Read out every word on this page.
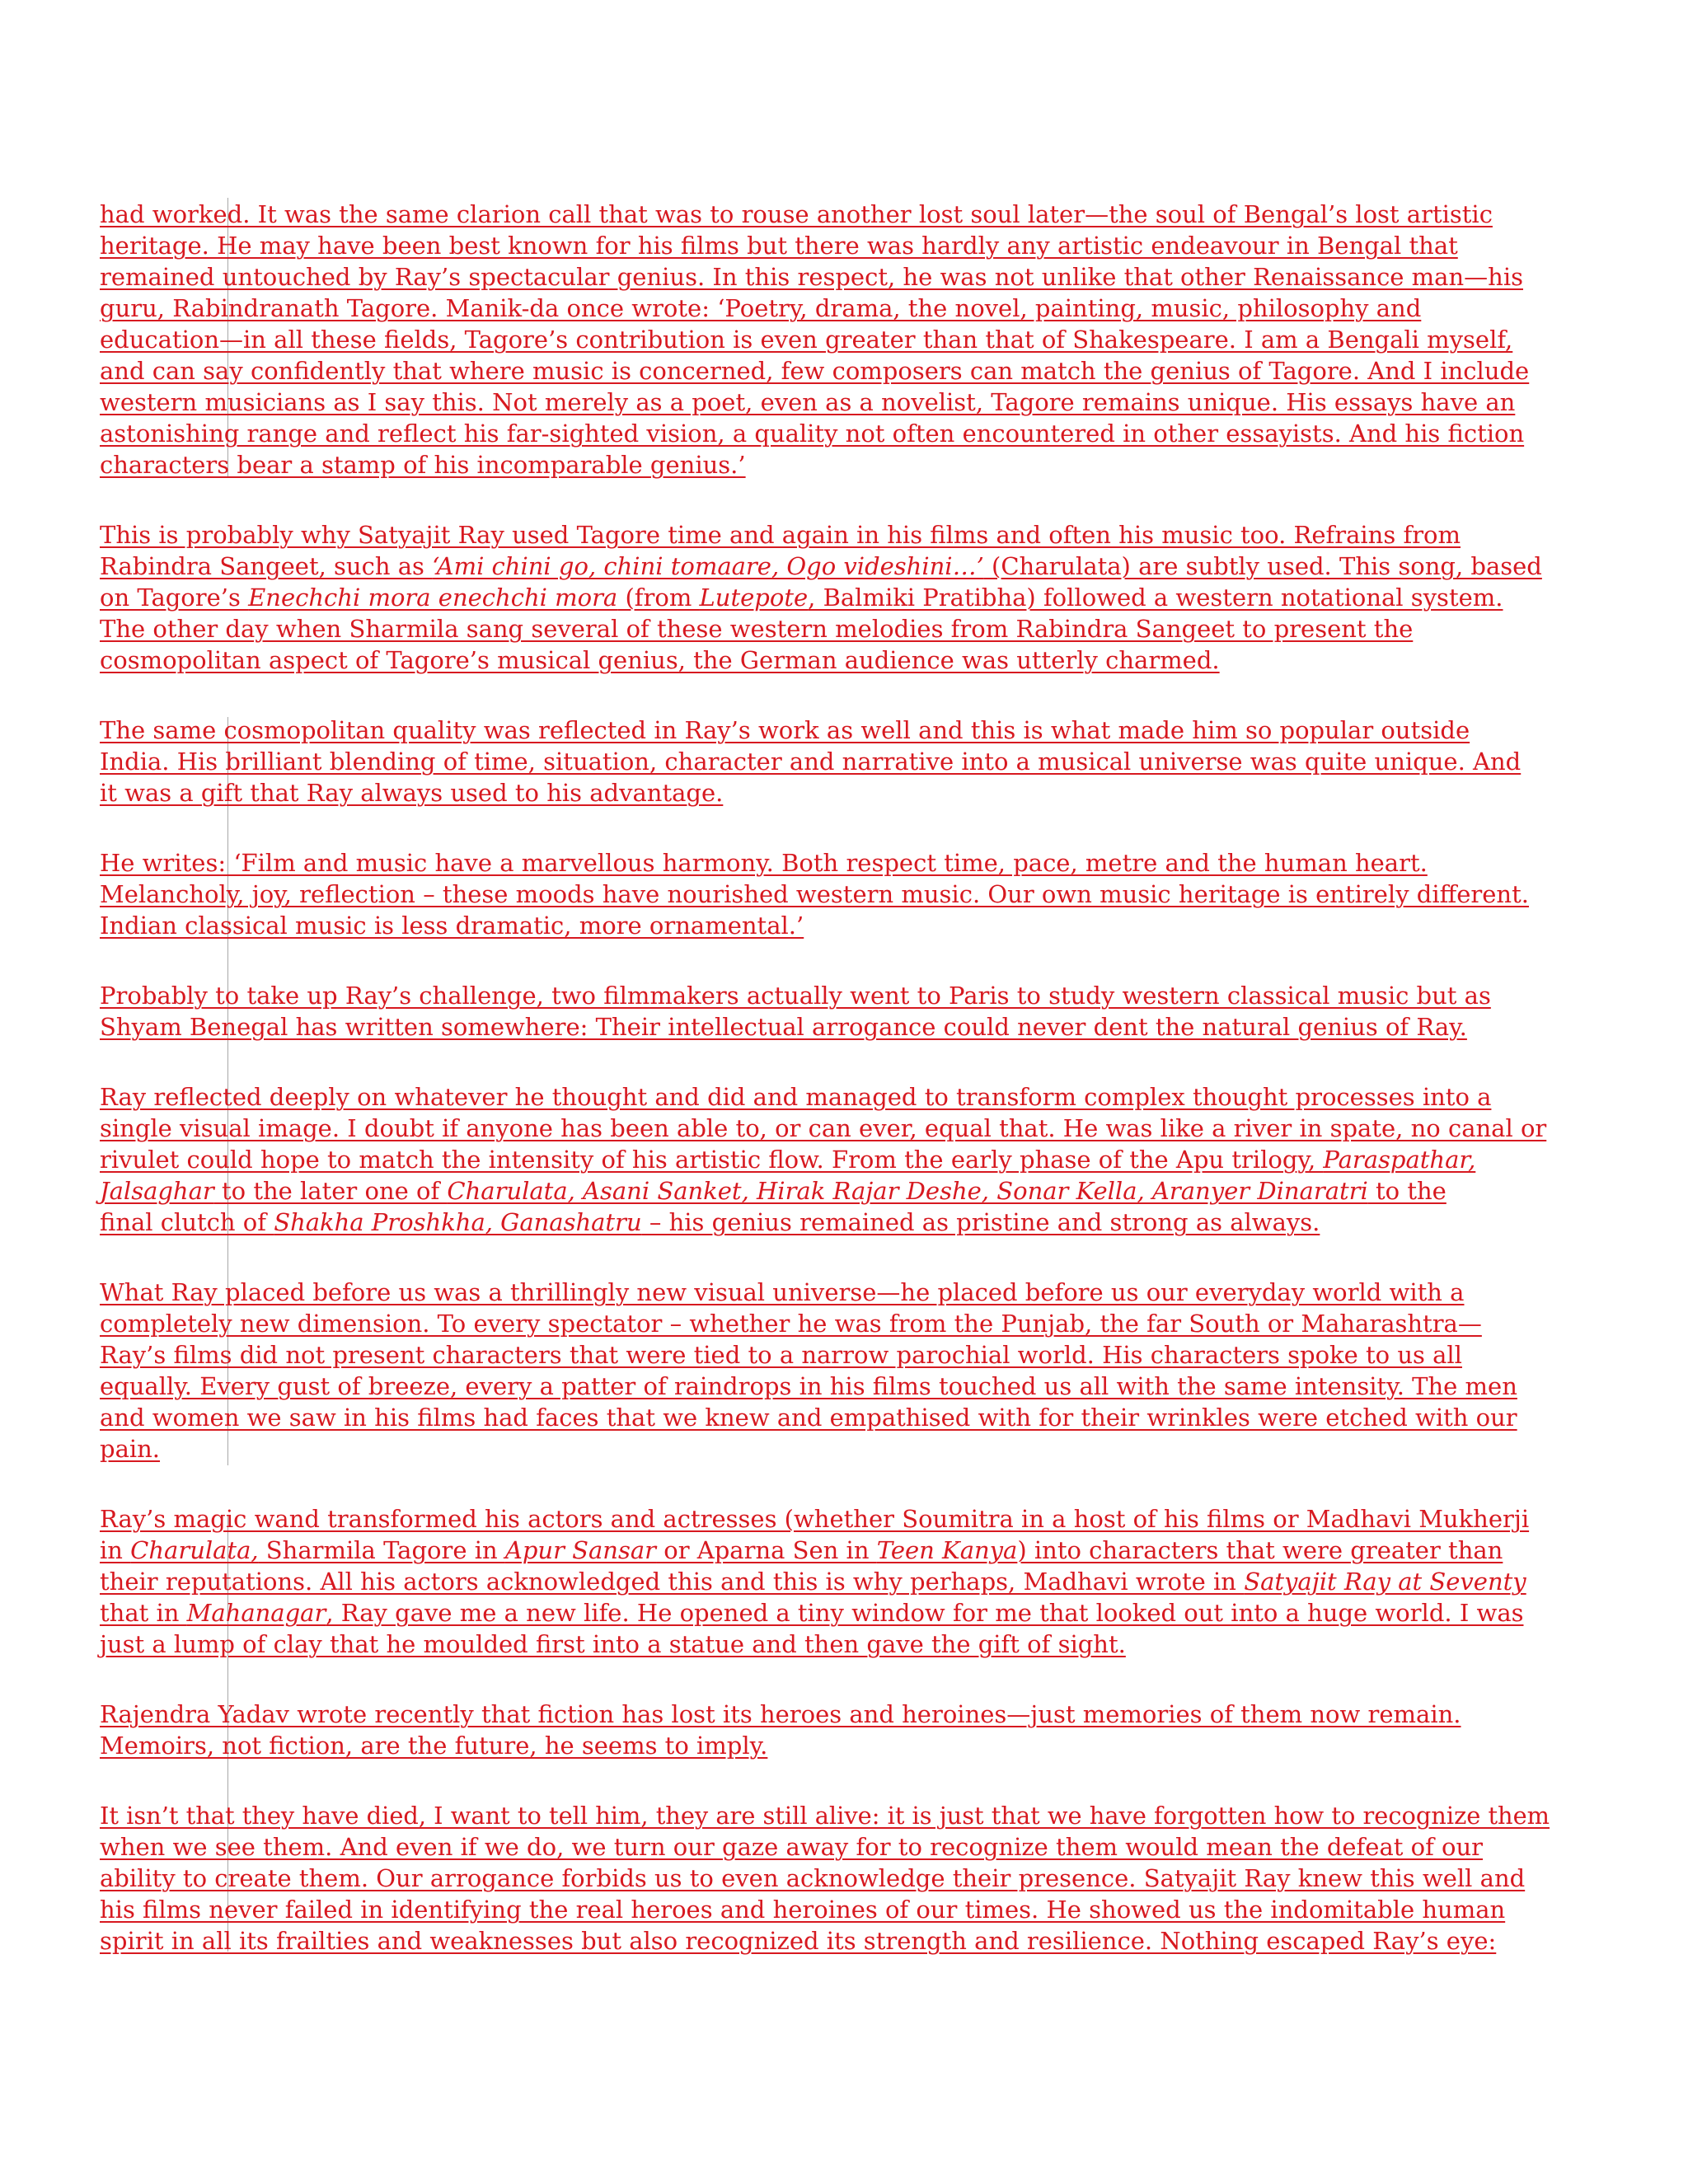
had worked. It was the same clarion call that was to rouse another lost soul later—the soul of Bengal’s lost artistic
heritage. He may have been best known for his films but there was hardly any artistic endeavour in Bengal that
remained untouched by Ray’s spectacular genius. In this respect, he was not unlike that other Renaissance man—his
guru, Rabindranath Tagore. Manik-da once wrote: ‘Poetry, drama, the novel, painting, music, philosophy and
education—in all these fields, Tagore’s contribution is even greater than that of Shakespeare. I am a Bengali myself,
and can say confidently that where music is concerned, few composers can match the genius of Tagore. And I include
western musicians as I say this. Not merely as a poet, even as a novelist, Tagore remains unique. His essays have an
astonishing range and reflect his far-sighted vision, a quality not often encountered in other essayists. And his fiction
characters bear a stamp of his incomparable genius.’
This is probably why Satyajit Ray used Tagore time and again in his films and often his music too. Refrains from
Rabindra Sangeet, such as ‘Ami chini go, chini tomaare, Ogo videshini…’ (Charulata) are subtly used. This song, based
on Tagore’s Enechchi mora enechchi mora (from Lutepote, Balmiki Pratibha) followed a western notational system.
The other day when Sharmila sang several of these western melodies from Rabindra Sangeet to present the
cosmopolitan aspect of Tagore’s musical genius, the German audience was utterly charmed.
The same cosmopolitan quality was reflected in Ray’s work as well and this is what made him so popular outside
India. His brilliant blending of time, situation, character and narrative into a musical universe was quite unique. And
it was a gift that Ray always used to his advantage.
He writes: ‘Film and music have a marvellous harmony. Both respect time, pace, metre and the human heart.
Melancholy, joy, reflection – these moods have nourished western music. Our own music heritage is entirely different.
Indian classical music is less dramatic, more ornamental.’
Probably to take up Ray’s challenge, two filmmakers actually went to Paris to study western classical music but as
Shyam Benegal has written somewhere: Their intellectual arrogance could never dent the natural genius of Ray.
Ray reflected deeply on whatever he thought and did and managed to transform complex thought processes into a
single visual image. I doubt if anyone has been able to, or can ever, equal that. He was like a river in spate, no canal or
rivulet could hope to match the intensity of his artistic flow. From the early phase of the Apu trilogy, Paraspathar,
Jalsaghar to the later one of Charulata, Asani Sanket, Hirak Rajar Deshe, Sonar Kella, Aranyer Dinaratri to the
final clutch of Shakha Proshkha, Ganashatru – his genius remained as pristine and strong as always.
What Ray placed before us was a thrillingly new visual universe—he placed before us our everyday world with a
completely new dimension. To every spectator – whether he was from the Punjab, the far South or Maharashtra—
Ray’s films did not present characters that were tied to a narrow parochial world. His characters spoke to us all
equally. Every gust of breeze, every a patter of raindrops in his films touched us all with the same intensity. The men
and women we saw in his films had faces that we knew and empathised with for their wrinkles were etched with our
pain.
Ray’s magic wand transformed his actors and actresses (whether Soumitra in a host of his films or Madhavi Mukherji
in Charulata, Sharmila Tagore in Apur Sansar or Aparna Sen in Teen Kanya) into characters that were greater than
their reputations. All his actors acknowledged this and this is why perhaps, Madhavi wrote in Satyajit Ray at Seventy
that in Mahanagar, Ray gave me a new life. He opened a tiny window for me that looked out into a huge world. I was
just a lump of clay that he moulded first into a statue and then gave the gift of sight.
Rajendra Yadav wrote recently that fiction has lost its heroes and heroines—just memories of them now remain.
Memoirs, not fiction, are the future, he seems to imply.
It isn’t that they have died, I want to tell him, they are still alive: it is just that we have forgotten how to recognize them
when we see them. And even if we do, we turn our gaze away for to recognize them would mean the defeat of our
ability to create them. Our arrogance forbids us to even acknowledge their presence. Satyajit Ray knew this well and
his films never failed in identifying the real heroes and heroines of our times. He showed us the indomitable human
spirit in all its frailties and weaknesses but also recognized its strength and resilience. Nothing escaped Ray’s eye:
